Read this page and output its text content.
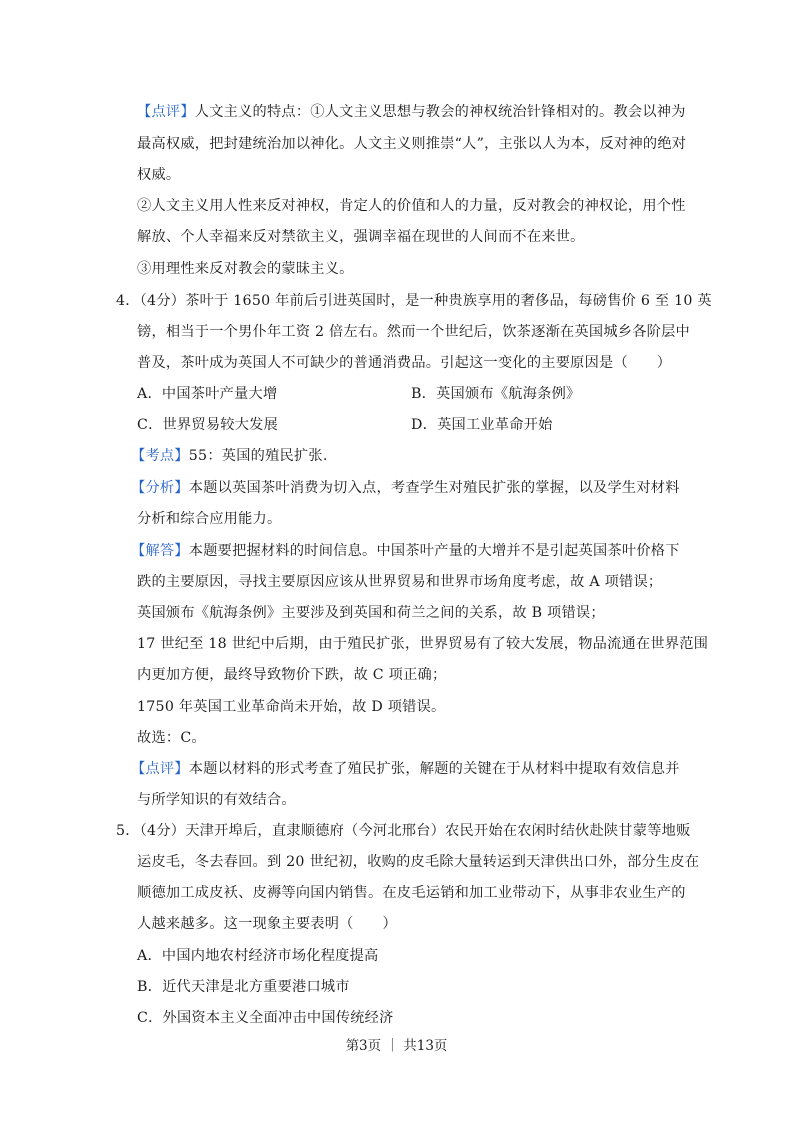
【点评】人文主义的特点：①人文主义思想与教会的神权统治针锋相对的。教会以神为
最高权威，把封建统治加以神化。人文主义则推崇“人”，主张以人为本，反对神的绝对
权威。
②人文主义用人性来反对神权，肯定人的价值和人的力量，反对教会的神权论，用个性
解放、个人幸福来反对禁欲主义，强调幸福在现世的人间而不在来世。
③用理性来反对教会的蒙昧主义。
4．（4分）茶叶于 1650 年前后引进英国时，是一种贵族享用的奢侈品，每磅售价 6 至 10 英
镑，相当于一个男仆年工资 2 倍左右。然而一个世纪后，饮茶逐渐在英国城乡各阶层中
普及，茶叶成为英国人不可缺少的普通消费品。引起这一变化的主要原因是（　　）
A．中国茶叶产量大增	B．英国颁布《航海条例》
C．世界贸易较大发展	D．英国工业革命开始
【考点】55：英国的殖民扩张.
【分析】本题以英国茶叶消费为切入点，考查学生对殖民扩张的掌握，以及学生对材料
分析和综合应用能力。
【解答】本题要把握材料的时间信息。中国茶叶产量的大增并不是引起英国茶叶价格下
跌的主要原因，寻找主要原因应该从世界贸易和世界市场角度考虑，故 A 项错误；
英国颁布《航海条例》主要涉及到英国和荷兰之间的关系，故 B 项错误；
17 世纪至 18 世纪中后期，由于殖民扩张，世界贸易有了较大发展，物品流通在世界范围
内更加方便，最终导致物价下跌，故 C 项正确；
1750 年英国工业革命尚未开始，故 D 项错误。
故选：C。
【点评】本题以材料的形式考查了殖民扩张，解题的关键在于从材料中提取有效信息并
与所学知识的有效结合。
5．（4分）天津开埠后，直隶顺德府（今河北邢台）农民开始在农闲时结伙赴陕甘蒙等地贩
运皮毛，冬去春回。到 20 世纪初，收购的皮毛除大量转运到天津供出口外，部分生皮在
顺德加工成皮袄、皮褥等向国内销售。在皮毛运销和加工业带动下，从事非农业生产的
人越来越多。这一现象主要表明（　　）
A．中国内地农村经济市场化程度提高
B．近代天津是北方重要港口城市
C．外国资本主义全面冲击中国传统经济
第3页 ｜ 共13页
